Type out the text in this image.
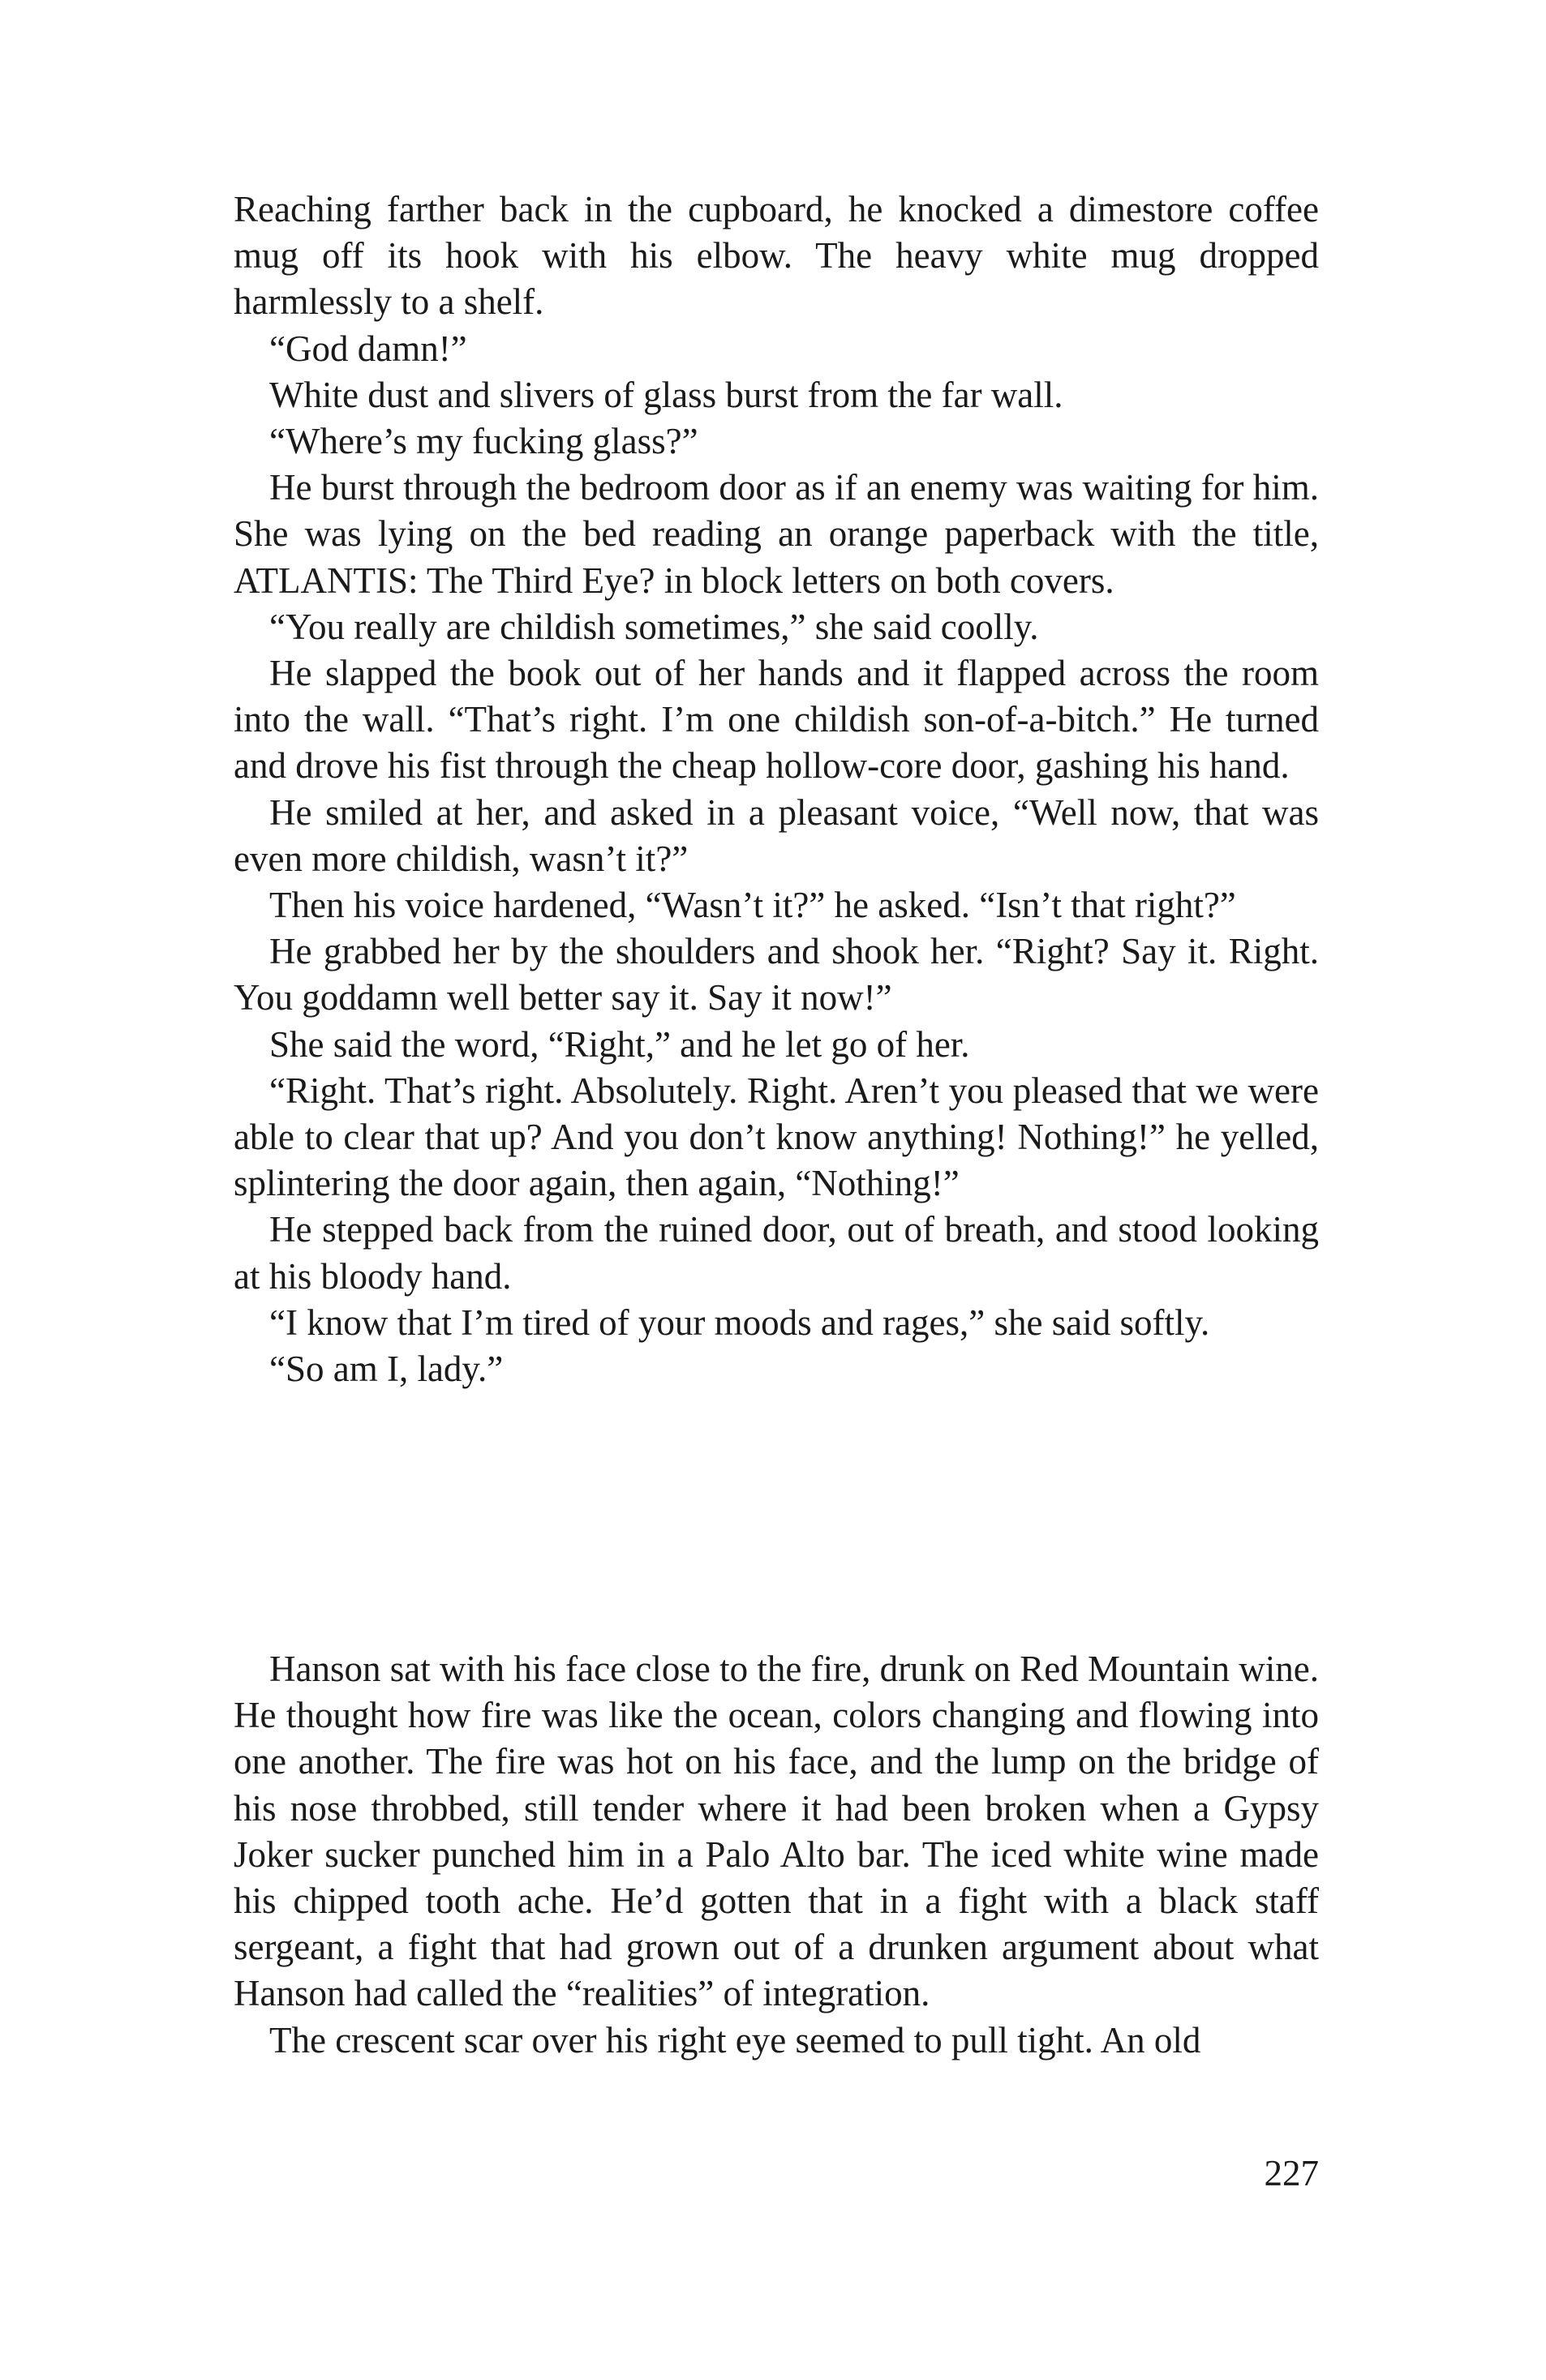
Reaching farther back in the cupboard, he knocked a dimestore coffee mug off its hook with his elbow. The heavy white mug dropped harmlessly to a shelf.

“God damn!”

White dust and slivers of glass burst from the far wall.

“Where’s my fucking glass?”

He burst through the bedroom door as if an enemy was waiting for him. She was lying on the bed reading an orange paperback with the title, ATLANTIS: The Third Eye? in block letters on both covers.

“You really are childish sometimes,” she said coolly.

He slapped the book out of her hands and it flapped across the room into the wall. “That’s right. I’m one childish son-of-a-bitch.” He turned and drove his fist through the cheap hollow-core door, gashing his hand.

He smiled at her, and asked in a pleasant voice, “Well now, that was even more childish, wasn’t it?”

Then his voice hardened, “Wasn’t it?” he asked. “Isn’t that right?”

He grabbed her by the shoulders and shook her. “Right? Say it. Right. You goddamn well better say it. Say it now!”

She said the word, “Right,” and he let go of her.

“Right. That’s right. Absolutely. Right. Aren’t you pleased that we were able to clear that up? And you don’t know anything! Nothing!” he yelled, splintering the door again, then again, “Nothing!”

He stepped back from the ruined door, out of breath, and stood looking at his bloody hand.

“I know that I’m tired of your moods and rages,” she said softly.

“So am I, lady.”

Hanson sat with his face close to the fire, drunk on Red Mountain wine. He thought how fire was like the ocean, colors changing and flowing into one another. The fire was hot on his face, and the lump on the bridge of his nose throbbed, still tender where it had been broken when a Gypsy Joker sucker punched him in a Palo Alto bar. The iced white wine made his chipped tooth ache. He’d gotten that in a fight with a black staff sergeant, a fight that had grown out of a drunken argument about what Hanson had called the “realities” of integration.

The crescent scar over his right eye seemed to pull tight. An old

227
